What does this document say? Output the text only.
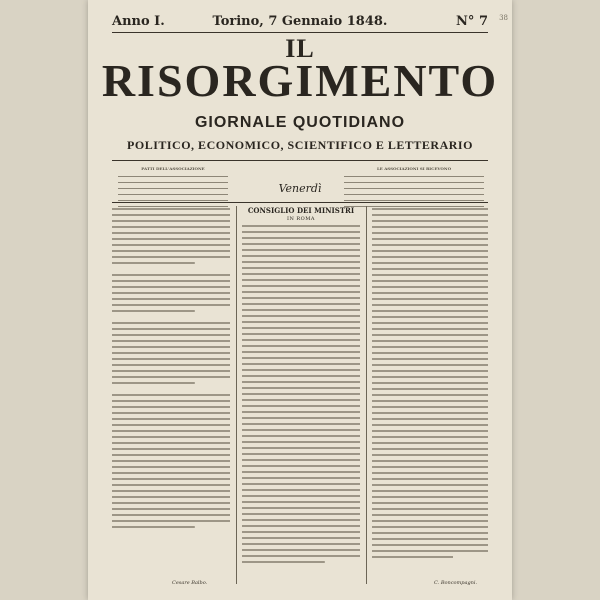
Anno I.	Torino, 7 Gennaio 1848.	N° 7
IL
RISORGIMENTO
GIORNALE QUOTIDIANO
POLITICO, ECONOMICO, SCIENTIFICO E LETTERARIO
PATTI DELL'ASSOCIAZIONE	LE ASSOCIAZIONI SI RICEVONO
Venerdì
Cesare Balbo.
CONSIGLIO DEI MINISTRI
IN ROMA
C. Boncompagni.
38
